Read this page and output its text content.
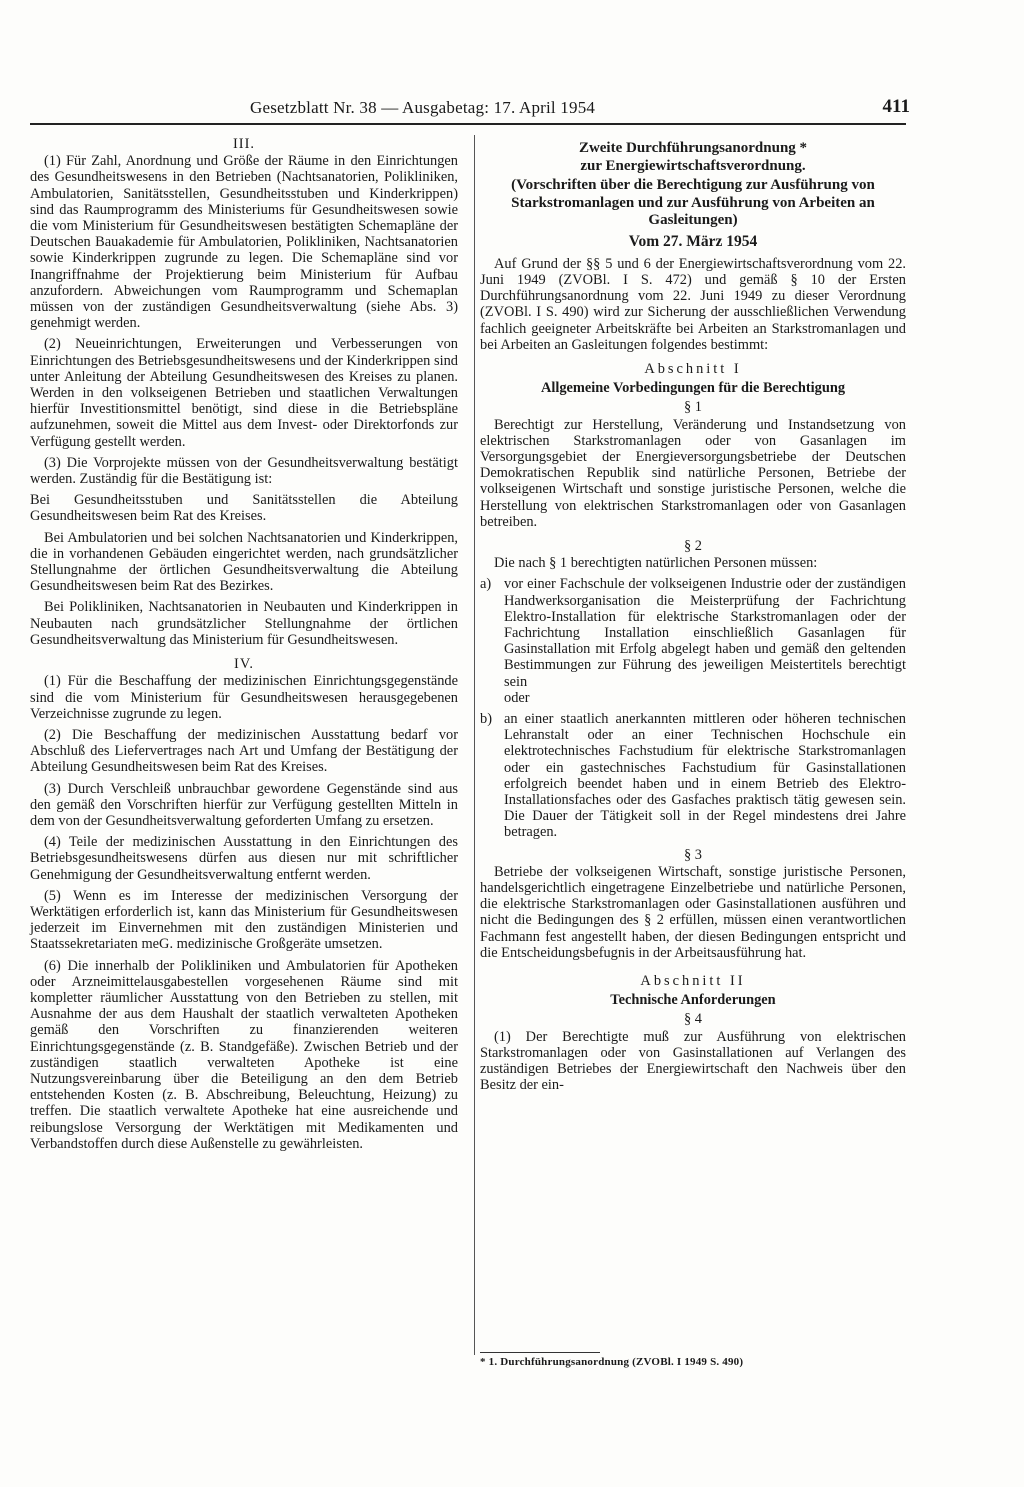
Gesetzblatt Nr. 38 — Ausgabetag: 17. April 1954	411
III.

(1) Für Zahl, Anordnung und Größe der Räume in den Einrichtungen des Gesundheitswesens in den Betrieben (Nachtsanatorien, Polikliniken, Ambulatorien, Sanitätsstellen, Gesundheitsstuben und Kinderkrippen) sind das Raumprogramm des Ministeriums für Gesundheitswesen sowie die vom Ministerium für Gesundheitswesen bestätigten Schemapläne der Deutschen Bauakademie für Ambulatorien, Polikliniken, Nachtsanatorien sowie Kinderkrippen zugrunde zu legen. Die Schemapläne sind vor Inangriffnahme der Projektierung beim Ministerium für Aufbau anzufordern. Abweichungen vom Raumprogramm und Schemaplan müssen von der zuständigen Gesundheitsverwaltung (siehe Abs. 3) genehmigt werden.

(2) Neueinrichtungen, Erweiterungen und Verbesserungen von Einrichtungen des Betriebsgesundheitswesens und der Kinderkrippen sind unter Anleitung der Abteilung Gesundheitswesen des Kreises zu planen. Werden in den volkseigenen Betrieben und staatlichen Verwaltungen hierfür Investitionsmittel benötigt, sind diese in die Betriebspläne aufzunehmen, soweit die Mittel aus dem Invest- oder Direktorfonds zur Verfügung gestellt werden.

(3) Die Vorprojekte müssen von der Gesundheitsverwaltung bestätigt werden. Zuständig für die Bestätigung ist:

Bei Gesundheitsstuben und Sanitätsstellen die Abteilung Gesundheitswesen beim Rat des Kreises.

Bei Ambulatorien und bei solchen Nachtsanatorien und Kinderkrippen, die in vorhandenen Gebäuden eingerichtet werden, nach grundsätzlicher Stellungnahme der örtlichen Gesundheitsverwaltung die Abteilung Gesundheitswesen beim Rat des Bezirkes.

Bei Polikliniken, Nachtsanatorien in Neubauten und Kinderkrippen in Neubauten nach grundsätzlicher Stellungnahme der örtlichen Gesundheitsverwaltung das Ministerium für Gesundheitswesen.

IV.

(1) Für die Beschaffung der medizinischen Einrichtungsgegenstände sind die vom Ministerium für Gesundheitswesen herausgegebenen Verzeichnisse zugrunde zu legen.

(2) Die Beschaffung der medizinischen Ausstattung bedarf vor Abschluß des Liefervertrages nach Art und Umfang der Bestätigung der Abteilung Gesundheitswesen beim Rat des Kreises.

(3) Durch Verschleiß unbrauchbar gewordene Gegenstände sind aus den gemäß den Vorschriften hierfür zur Verfügung gestellten Mitteln in dem von der Gesundheitsverwaltung geforderten Umfang zu ersetzen.

(4) Teile der medizinischen Ausstattung in den Einrichtungen des Betriebsgesundheitswesens dürfen aus diesen nur mit schriftlicher Genehmigung der Gesundheitsverwaltung entfernt werden.

(5) Wenn es im Interesse der medizinischen Versorgung der Werktätigen erforderlich ist, kann das Ministerium für Gesundheitswesen jederzeit im Einvernehmen mit den zuständigen Ministerien und Staatssekretariaten meG. medizinische Großgeräte umsetzen.

(6) Die innerhalb der Polikliniken und Ambulatorien für Apotheken oder Arzneimittelausgabestellen vorgesehenen Räume sind mit kompletter räumlicher Ausstattung von den Betrieben zu stellen, mit Ausnahme der aus dem Haushalt der staatlich verwalteten Apotheken gemäß den Vorschriften zu finanzierenden weiteren Einrichtungsgegenstände (z. B. Standgefäße). Zwischen Betrieb und der zuständigen staatlich verwalteten Apotheke ist eine Nutzungsvereinbarung über die Beteiligung an den dem Betrieb entstehenden Kosten (z. B. Abschreibung, Beleuchtung, Heizung) zu treffen. Die staatlich verwaltete Apotheke hat eine ausreichende und reibungslose Versorgung der Werktätigen mit Medikamenten und Verbandstoffen durch diese Außenstelle zu gewährleisten.

Zweite Durchführungsanordnung *
zur Energiewirtschaftsverordnung.
(Vorschriften über die Berechtigung zur Ausführung von Starkstromanlagen und zur Ausführung von Arbeiten an Gasleitungen)
Vom 27. März 1954

Auf Grund der §§ 5 und 6 der Energiewirtschaftsverordnung vom 22. Juni 1949 (ZVOBl. I S. 472) und gemäß § 10 der Ersten Durchführungsanordnung vom 22. Juni 1949 zu dieser Verordnung (ZVOBl. I S. 490) wird zur Sicherung der ausschließlichen Verwendung fachlich geeigneter Arbeitskräfte bei Arbeiten an Starkstromanlagen und bei Arbeiten an Gasleitungen folgendes bestimmt:

Abschnitt I
Allgemeine Vorbedingungen für die Berechtigung
§ 1

Berechtigt zur Herstellung, Veränderung und Instandsetzung von elektrischen Starkstromanlagen oder von Gasanlagen im Versorgungsgebiet der Energieversorgungsbetriebe der Deutschen Demokratischen Republik sind natürliche Personen, Betriebe der volkseigenen Wirtschaft und sonstige juristische Personen, welche die Herstellung von elektrischen Starkstromanlagen oder von Gasanlagen betreiben.

§ 2

Die nach § 1 berechtigten natürlichen Personen müssen:

a) vor einer Fachschule der volkseigenen Industrie oder der zuständigen Handwerksorganisation die Meisterprüfung der Fachrichtung Elektro-Installation für elektrische Starkstromanlagen oder der Fachrichtung Installation einschließlich Gasanlagen für Gasinstallation mit Erfolg abgelegt haben und gemäß den geltenden Bestimmungen zur Führung des jeweiligen Meistertitels berechtigt sein
oder
b) an einer staatlich anerkannten mittleren oder höheren technischen Lehranstalt oder an einer Technischen Hochschule ein elektrotechnisches Fachstudium für elektrische Starkstromanlagen oder ein gastechnisches Fachstudium für Gasinstallationen erfolgreich beendet haben und in einem Betrieb des Elektro-Installationsfaches oder des Gasfaches praktisch tätig gewesen sein. Die Dauer der Tätigkeit soll in der Regel mindestens drei Jahre betragen.
§ 3

Betriebe der volkseigenen Wirtschaft, sonstige juristische Personen, handelsgerichtlich eingetragene Einzelbetriebe und natürliche Personen, die elektrische Starkstromanlagen oder Gasinstallationen ausführen und nicht die Bedingungen des § 2 erfüllen, müssen einen verantwortlichen Fachmann fest angestellt haben, der diesen Bedingungen entspricht und die Entscheidungsbefugnis in der Arbeitsausführung hat.

Abschnitt II
Technische Anforderungen
§ 4

(1) Der Berechtigte muß zur Ausführung von elektrischen Starkstromanlagen oder von Gasinstallationen auf Verlangen des zuständigen Betriebes der Energiewirtschaft den Nachweis über den Besitz der ein-

* 1. Durchführungsanordnung (ZVOBl. I 1949 S. 490)
